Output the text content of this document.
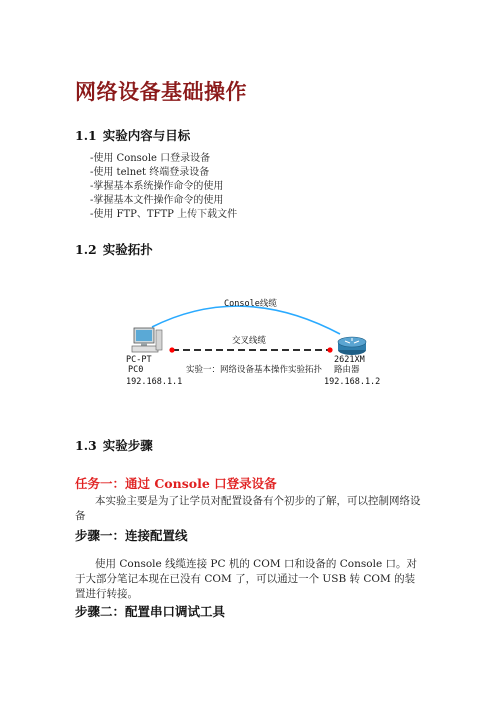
网络设备基础操作
1.1 实验内容与目标
-使用 Console 口登录设备
-使用 telnet 终端登录设备
-掌握基本系统操作命令的使用
-掌握基本文件操作命令的使用
-使用 FTP、TFTP 上传下载文件
1.2 实验拓扑
Console线缆
交叉线缆
PC-PT
PC0
192.168.1.1
2621XM
路由器
192.168.1.2
实验一：网络设备基本操作实验拓扑
1.3 实验步骤
任务一：通过 Console 口登录设备
本实验主要是为了让学员对配置设备有个初步的了解，可以控制网络设备
步骤一：连接配置线
使用 Console 线缆连接 PC 机的 COM 口和设备的 Console 口。对于大部分笔记本现在已没有 COM 了，可以通过一个 USB 转 COM 的装置进行转接。
步骤二：配置串口调试工具
